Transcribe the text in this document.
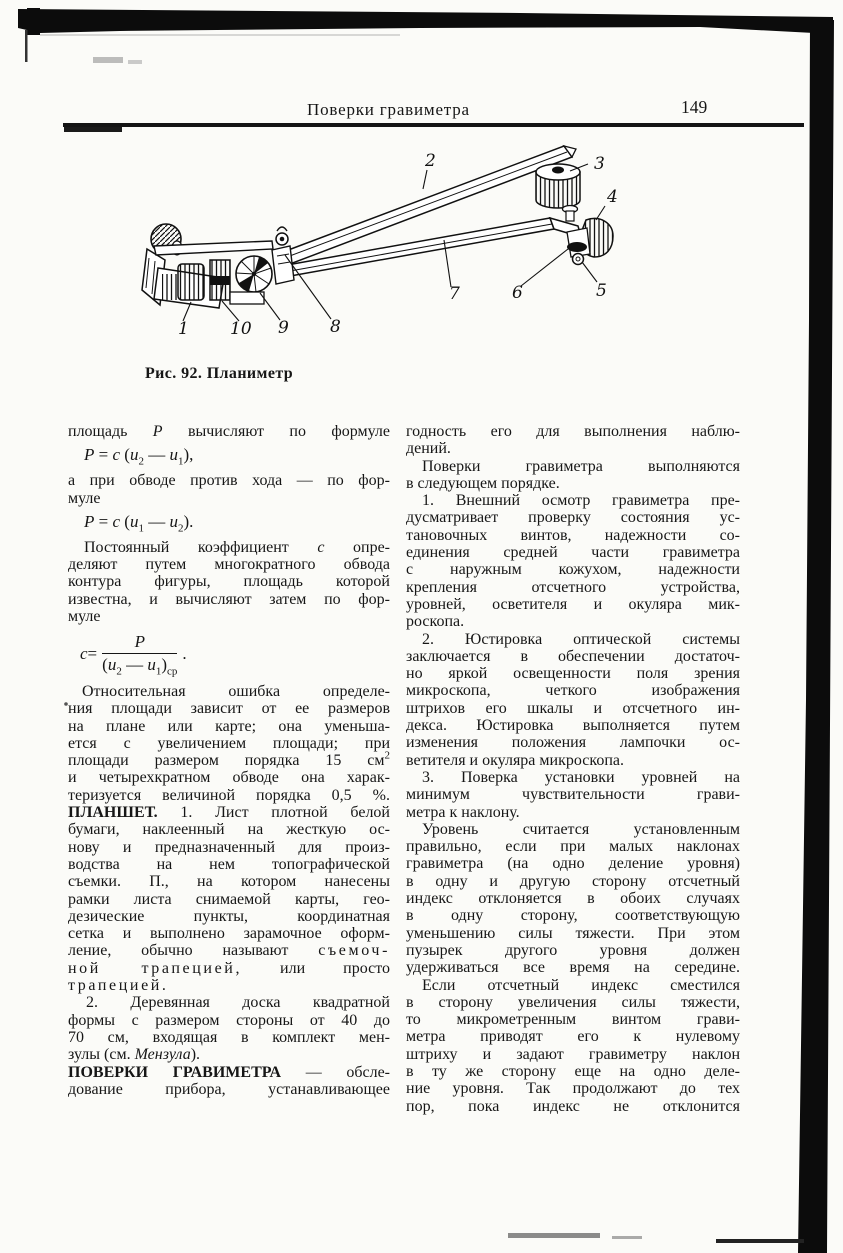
Поверки гравиметра	149
1 10 9 8
2	3
4
5
6
7
Рис. 92. Планиметр
площадь P вычисляют по формуле
P = c ($u_2$ — $u_1$),
а при обводе против хода — по фор-
муле
P = c ($u_1$ — $u_2$).
Постоянный коэффициент с опре-
деляют путем многократного обвода
контура фигуры, площадь которой
известна, и вычисляют затем по фор-
муле
$c = \frac{P}{(u_2 — u_1)_{ср}}$ .
Относительная ошибка определе-
ния площади зависит от ее размеров
на плане или карте; она уменьша-
ется с увеличением площади; при
площади размером порядка 15 $см^2$
и четырехкратном обводе она харак-
теризуется величиной порядка 0,5 %.
ПЛАНШЕТ. 1. Лист плотной белой
бумаги, наклеенный на жесткую ос-
нову и предназначенный для произ-
водства на нем топографической
съемки. П., на котором нанесены
рамки листа снимаемой карты, гео-
дезические пункты, координатная
сетка и выполнено зарамочное оформ-
ление, обычно называют съемоч-
ной трапецией, или просто
трапецией.
2. Деревянная доска квадратной
формы с размером стороны от 40 до
70 см, входящая в комплект мен-
зулы (см. Мензула).
ПОВЕРКИ ГРАВИМЕТРА — обсле-
дование прибора, устанавливающее
годность его для выполнения наблю-
дений.
Поверки гравиметра выполняются
в следующем порядке.
1. Внешний осмотр гравиметра пре-
дусматривает проверку состояния ус-
тановочных винтов, надежности со-
единения средней части гравиметра
с наружным кожухом, надежности
крепления отсчетного устройства,
уровней, осветителя и окуляра мик-
роскопа.
2. Юстировка оптической системы
заключается в обеспечении достаточ-
но яркой освещенности поля зрения
микроскопа, четкого изображения
штрихов его шкалы и отсчетного ин-
декса. Юстировка выполняется путем
изменения положения лампочки ос-
ветителя и окуляра микроскопа.
3. Поверка установки уровней на
минимум чувствительности грави-
метра к наклону.
Уровень считается установленным
правильно, если при малых наклонах
гравиметра (на одно деление уровня)
в одну и другую сторону отсчетный
индекс отклоняется в обоих случаях
в одну сторону, соответствующую
уменьшению силы тяжести. При этом
пузырек другого уровня должен
удерживаться все время на середине.
Если отсчетный индекс сместился
в сторону увеличения силы тяжести,
то микрометренным винтом грави-
метра приводят его к нулевому
штриху и задают гравиметру наклон
в ту же сторону еще на одно деле-
ние уровня. Так продолжают до тех
пор, пока индекс не отклонится
